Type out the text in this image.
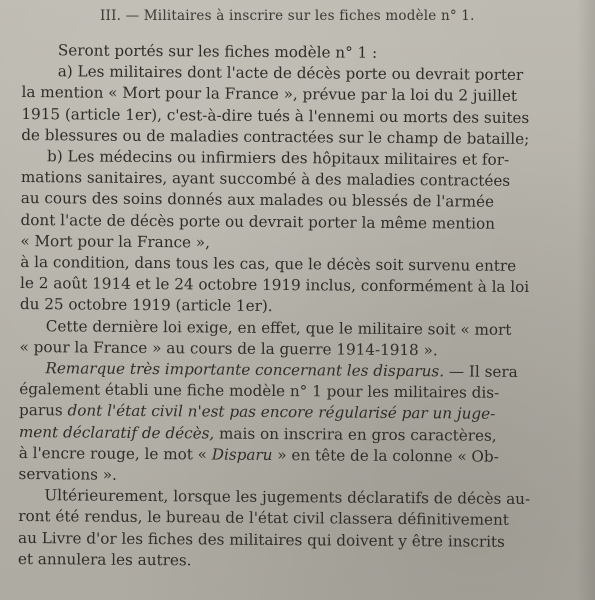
III. — Militaires à inscrire sur les fiches modèle n° 1.
Seront portés sur les fiches modèle n° 1 :
a) Les militaires dont l'acte de décès porte ou devrait porter
la mention « Mort pour la France », prévue par la loi du 2 juillet
1915 (article 1er), c'est-à-dire tués à l'ennemi ou morts des suites
de blessures ou de maladies contractées sur le champ de bataille;
b) Les médecins ou infirmiers des hôpitaux militaires et for-
mations sanitaires, ayant succombé à des maladies contractées
au cours des soins donnés aux malades ou blessés de l'armée
dont l'acte de décès porte ou devrait porter la même mention
« Mort pour la France »,
à la condition, dans tous les cas, que le décès soit survenu entre
le 2 août 1914 et le 24 octobre 1919 inclus, conformément à la loi
du 25 octobre 1919 (article 1er).
Cette dernière loi exige, en effet, que le militaire soit « mort
« pour la France » au cours de la guerre 1914-1918 ».
Remarque très importante concernant les disparus. — Il sera
également établi une fiche modèle n° 1 pour les militaires dis-
parus dont l'état civil n'est pas encore régularisé par un juge-
ment déclaratif de décès, mais on inscrira en gros caractères,
à l'encre rouge, le mot « Disparu » en tête de la colonne « Ob-
servations ».
Ultérieurement, lorsque les jugements déclaratifs de décès au-
ront été rendus, le bureau de l'état civil classera définitivement
au Livre d'or les fiches des militaires qui doivent y être inscrits
et annulera les autres.
